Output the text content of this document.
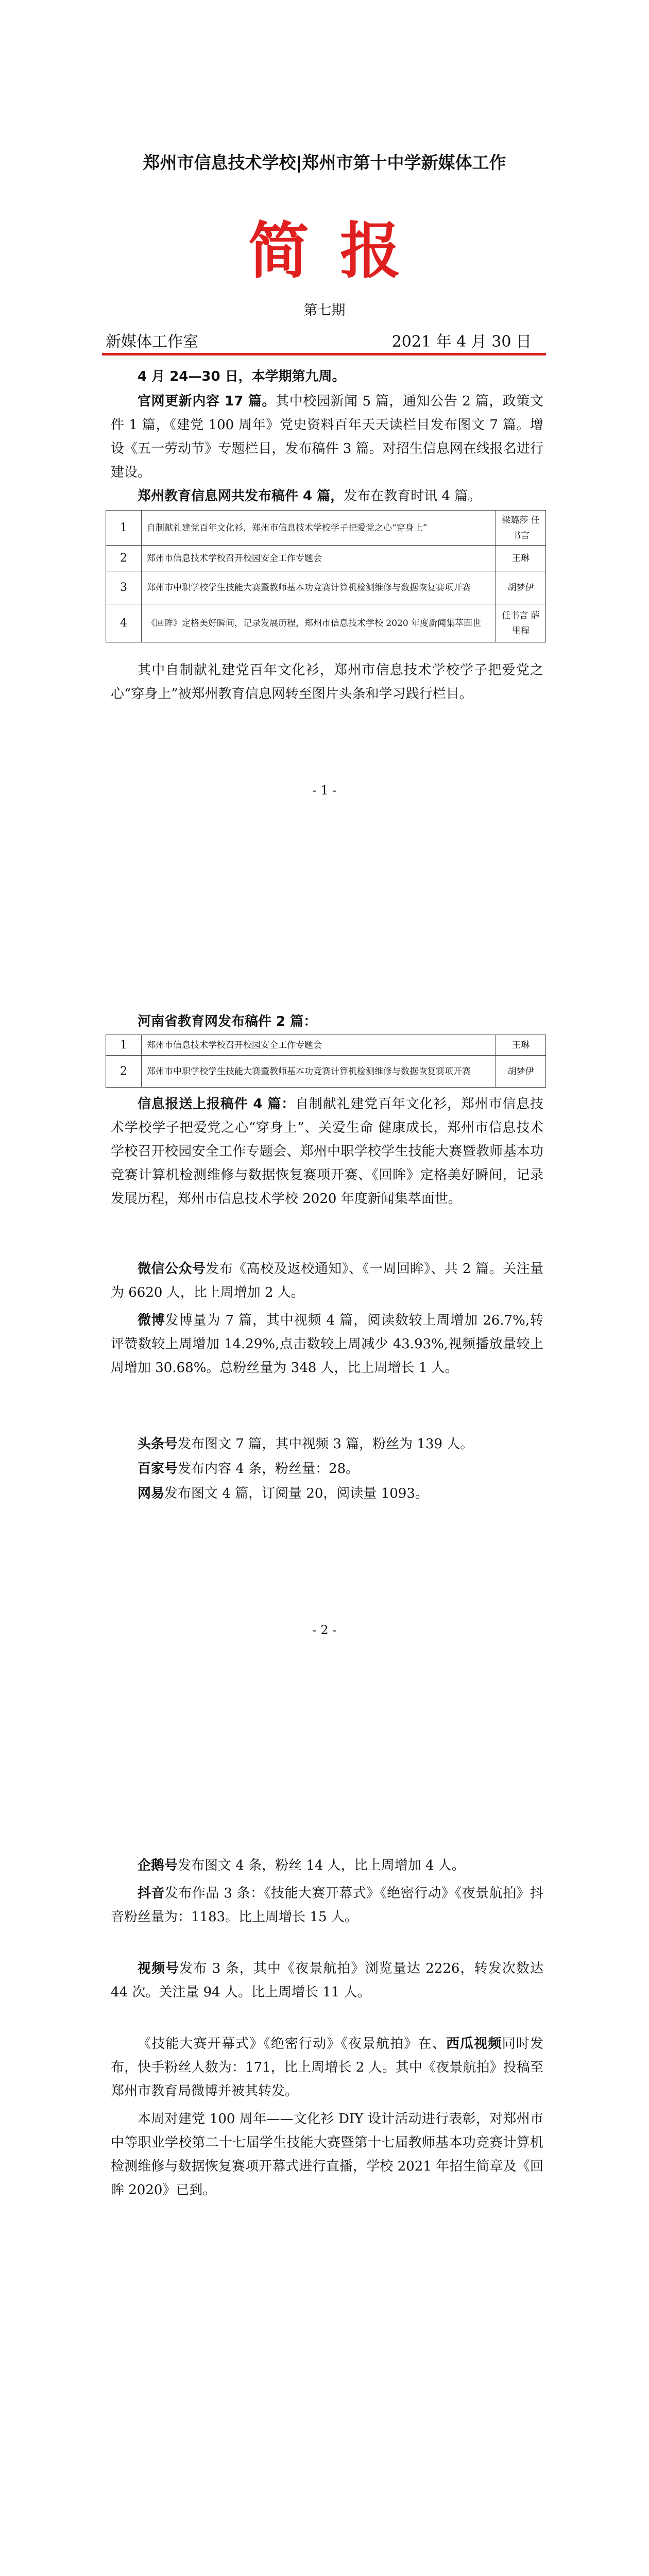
郑州市信息技术学校|郑州市第十中学新媒体工作
简报
第七期
新媒体工作室	2021 年 4 月 30 日

4 月 24—30 日，本学期第九周。

官网更新内容 17 篇。其中校园新闻 5 篇，通知公告 2 篇，政策文件 1 篇，《建党 100 周年》党史资料百年天天读栏目发布图文 7 篇。增设《五一劳动节》专题栏目，发布稿件 3 篇。对招生信息网在线报名进行建设。

郑州教育信息网共发布稿件 4 篇，发布在教育时讯 4 篇。

1	自制献礼建党百年文化衫，郑州市信息技术学校学子把爱党之心“穿身上”	梁璐莎 任书言
2	郑州市信息技术学校召开校园安全工作专题会	王琳
3	郑州市中职学校学生技能大赛暨教师基本功竞赛计算机检测维修与数据恢复赛项开赛	胡梦伊
4	《回眸》定格美好瞬间，记录发展历程，郑州市信息技术学校 2020 年度新闻集萃面世	任书言 薛里程

其中自制献礼建党百年文化衫，郑州市信息技术学校学子把爱党之心“穿身上”被郑州教育信息网转至图片头条和学习践行栏目。

- 1 -

河南省教育网发布稿件 2 篇：

1	郑州市信息技术学校召开校园安全工作专题会	王琳
2	郑州市中职学校学生技能大赛暨教师基本功竞赛计算机检测维修与数据恢复赛项开赛	胡梦伊

信息报送上报稿件 4 篇：自制献礼建党百年文化衫，郑州市信息技术学校学子把爱党之心“穿身上”、关爱生命 健康成长，郑州市信息技术学校召开校园安全工作专题会、郑州中职学校学生技能大赛暨教师基本功竞赛计算机检测维修与数据恢复赛项开赛、《回眸》定格美好瞬间，记录发展历程，郑州市信息技术学校 2020 年度新闻集萃面世。

微信公众号发布《高校及返校通知》、《一周回眸》、共 2 篇。关注量为 6620 人，比上周增加 2 人。

微博发博量为 7 篇，其中视频 4 篇，阅读数较上周增加 26.7%,转评赞数较上周增加 14.29%,点击数较上周减少 43.93%,视频播放量较上周增加 30.68%。总粉丝量为 348 人，比上周增长 1 人。

头条号发布图文 7 篇，其中视频 3 篇，粉丝为 139 人。

百家号发布内容 4 条，粉丝量：28。

网易发布图文 4 篇，订阅量 20，阅读量 1093。

- 2 -

企鹅号发布图文 4 条，粉丝 14 人，比上周增加 4 人。

抖音发布作品 3 条：《技能大赛开幕式》《绝密行动》《夜景航拍》抖音粉丝量为：1183。比上周增长 15 人。

视频号发布 3 条，其中《夜景航拍》浏览量达 2226，转发次数达 44 次。关注量 94 人。比上周增长 11 人。

《技能大赛开幕式》《绝密行动》《夜景航拍》在、西瓜视频同时发布，快手粉丝人数为：171，比上周增长 2 人。其中《夜景航拍》投稿至郑州市教育局微博并被其转发。

本周对建党 100 周年——文化衫 DIY 设计活动进行表彰，对郑州市中等职业学校第二十七届学生技能大赛暨第十七届教师基本功竞赛计算机检测维修与数据恢复赛项开幕式进行直播，学校 2021 年招生简章及《回眸 2020》已到。
